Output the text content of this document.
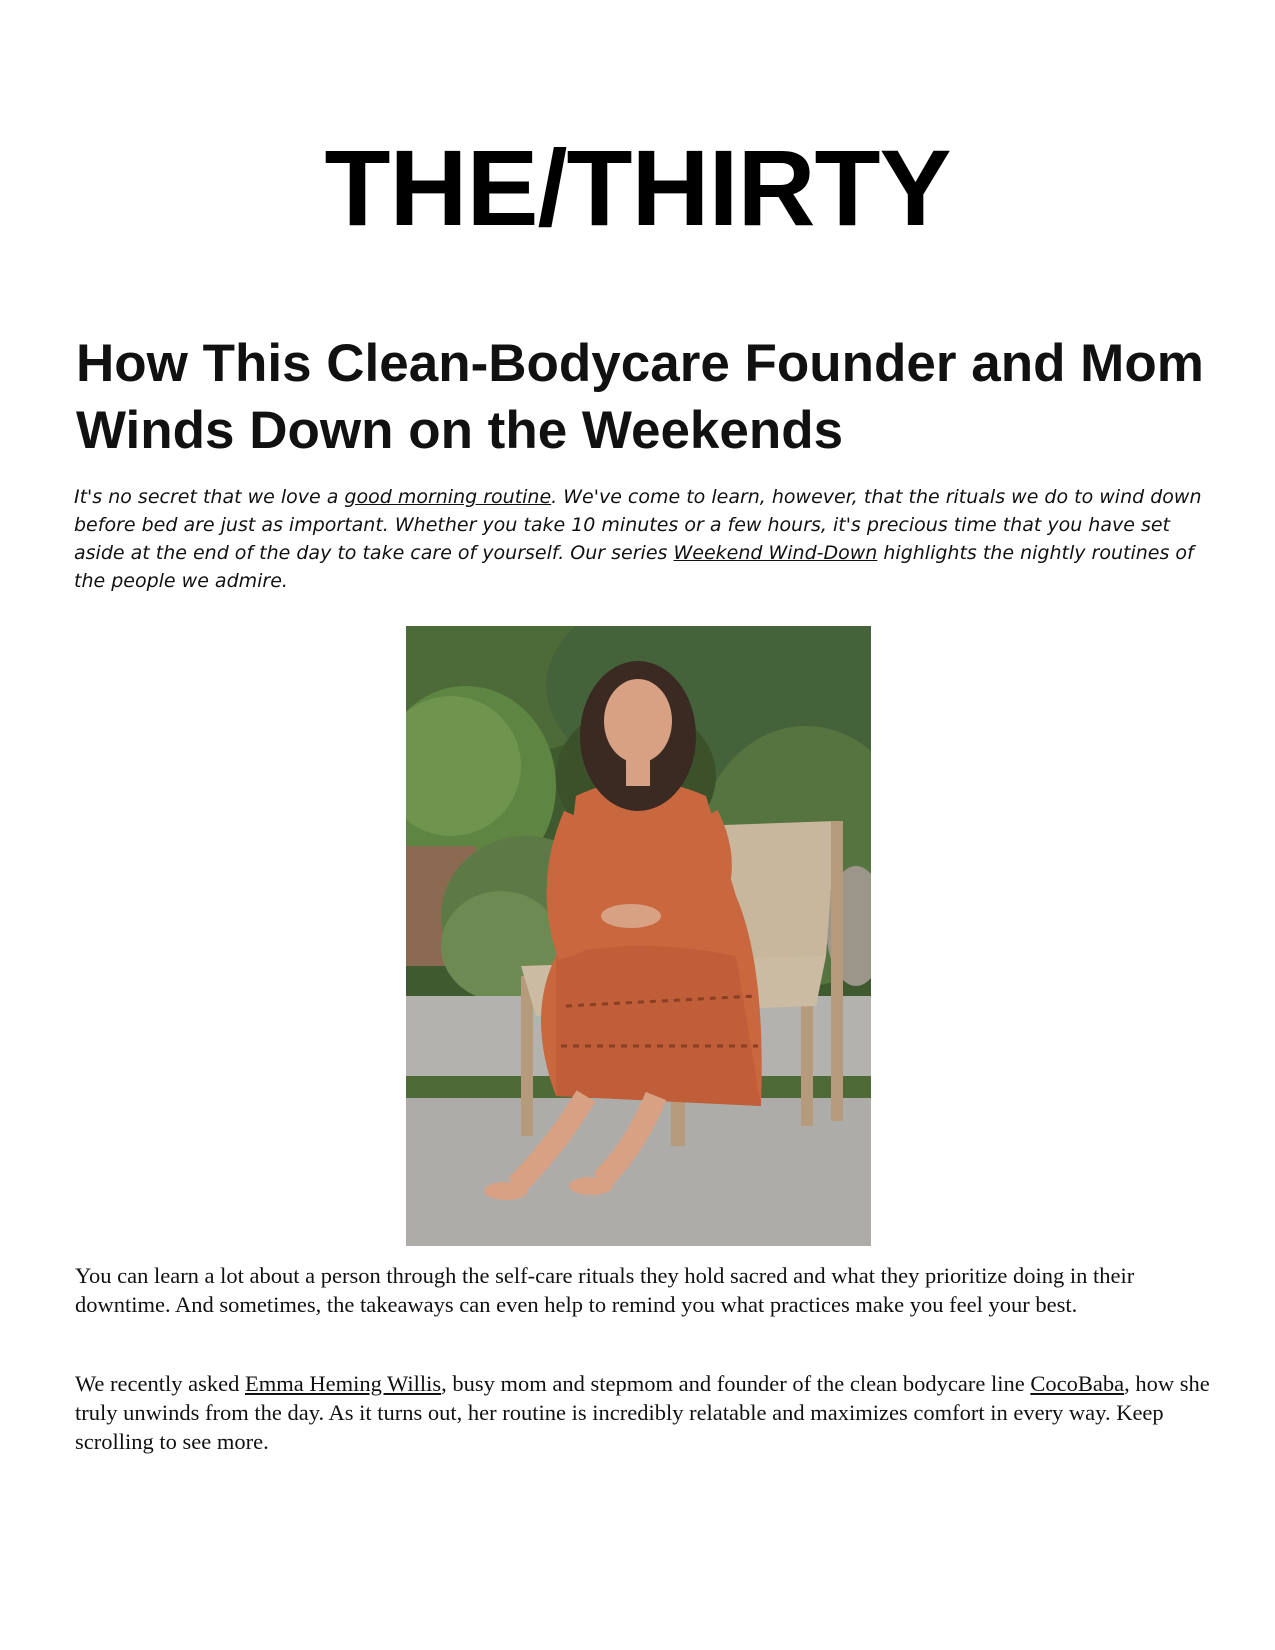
THE/THIRTY
How This Clean-Bodycare Founder and Mom Winds Down on the Weekends

It's no secret that we love a good morning routine. We've come to learn, however, that the rituals we do to wind down before bed are just as important. Whether you take 10 minutes or a few hours, it's precious time that you have set aside at the end of the day to take care of yourself. Our series Weekend Wind-Down highlights the nightly routines of the people we admire.

You can learn a lot about a person through the self-care rituals they hold sacred and what they prioritize doing in their downtime. And sometimes, the takeaways can even help to remind you what practices make you feel your best.

We recently asked Emma Heming Willis, busy mom and stepmom and founder of the clean bodycare line CocoBaba, how she truly unwinds from the day. As it turns out, her routine is incredibly relatable and maximizes comfort in every way. Keep scrolling to see more.
